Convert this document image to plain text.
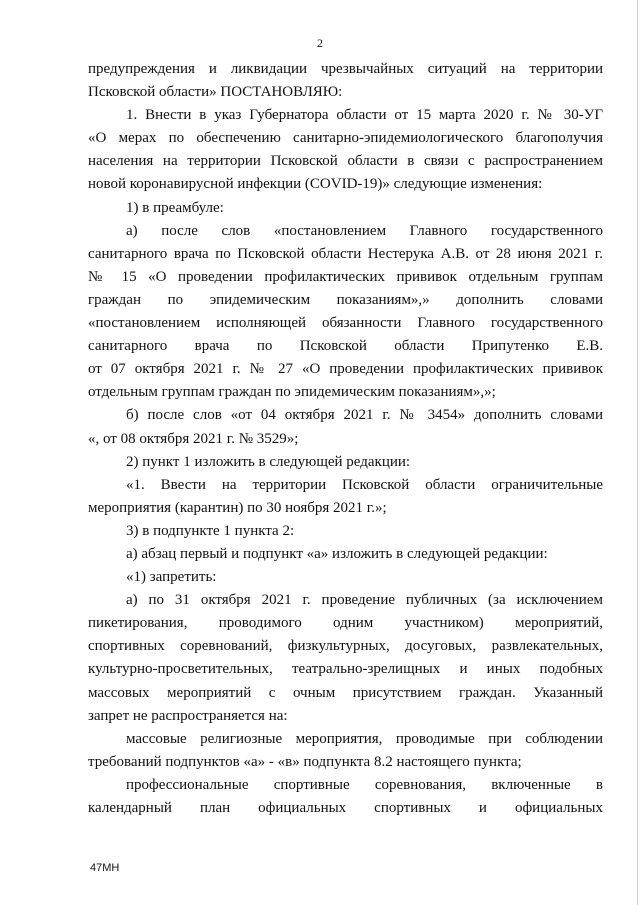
2
предупреждения и ликвидации чрезвычайных ситуаций на территории
Псковской области» ПОСТАНОВЛЯЮ:
1. Внести в указ Губернатора области от 15 марта 2020 г. № 30-УГ
«О мерах по обеспечению санитарно-эпидемиологического благополучия
населения на территории Псковской области в связи с распространением
новой коронавирусной инфекции (COVID-19)» следующие изменения:
1) в преамбуле:
а) после слов «постановлением Главного государственного
санитарного врача по Псковской области Нестерука А.В. от 28 июня 2021 г.
№ 15 «О проведении профилактических прививок отдельным группам
граждан по эпидемическим показаниям»,» дополнить словами
«постановлением исполняющей обязанности Главного государственного
санитарного врача по Псковской области Припутенко Е.В.
от 07 октября 2021 г. № 27 «О проведении профилактических прививок
отдельным группам граждан по эпидемическим показаниям»,»;
б) после слов «от 04 октября 2021 г. № 3454» дополнить словами
«, от 08 октября 2021 г. № 3529»;
2) пункт 1 изложить в следующей редакции:
«1. Ввести на территории Псковской области ограничительные
мероприятия (карантин) по 30 ноября 2021 г.»;
3) в подпункте 1 пункта 2:
а) абзац первый и подпункт «а» изложить в следующей редакции:
«1) запретить:
а) по 31 октября 2021 г. проведение публичных (за исключением
пикетирования, проводимого одним участником) мероприятий,
спортивных соревнований, физкультурных, досуговых, развлекательных,
культурно-просветительных, театрально-зрелищных и иных подобных
массовых мероприятий с очным присутствием граждан. Указанный
запрет не распространяется на:
массовые религиозные мероприятия, проводимые при соблюдении
требований подпунктов «а» - «в» подпункта 8.2 настоящего пункта;
профессиональные спортивные соревнования, включенные в
календарный план официальных спортивных и официальных
47МН
